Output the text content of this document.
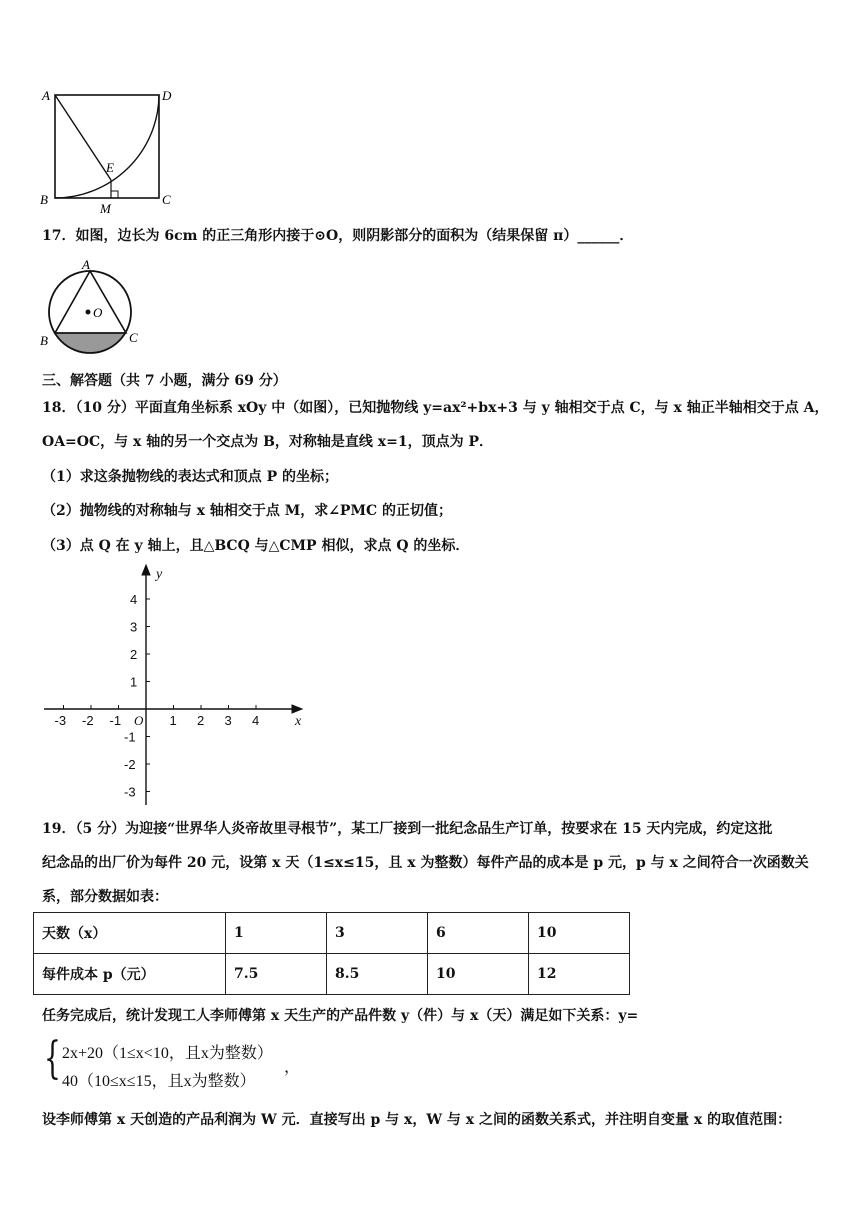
A	D
E
B
M
C
17．如图，边长为 6cm 的正三角形内接于⊙O，则阴影部分的面积为（结果保留 π）______．
A
O
B	C
三、解答题（共 7 小题，满分 69 分）
18．（10 分）平面直角坐标系 xOy 中（如图），已知抛物线 y=ax²+bx+3 与 y 轴相交于点 C，与 x 轴正半轴相交于点 A，
OA=OC，与 x 轴的另一个交点为 B，对称轴是直线 x=1，顶点为 P．
（1）求这条抛物线的表达式和顶点 P 的坐标；
（2）抛物线的对称轴与 x 轴相交于点 M，求∠PMC 的正切值；
（3）点 Q 在 y 轴上，且△BCQ 与△CMP 相似，求点 Q 的坐标．
-3 -2 -1	1 2 3 4
4
3
2
1
-1
-2
-3
x
y
O
19．（5 分）为迎接“世界华人炎帝故里寻根节”，某工厂接到一批纪念品生产订单，按要求在 15 天内完成，约定这批
纪念品的出厂价为每件 20 元，设第 x 天（1≤x≤15，且 x 为整数）每件产品的成本是 p 元，p 与 x 之间符合一次函数关
系，部分数据如表：
天数（x）	1	3	6	10
每件成本 p（元）	7.5	8.5	10	12
任务完成后，统计发现工人李师傅第 x 天生产的产品件数 y（件）与 x（天）满足如下关系：y=
{ 2x+20（1≤x<10，且x为整数）
40（10≤x≤15，且x为整数）
，
设李师傅第 x 天创造的产品利润为 W 元．直接写出 p 与 x，W 与 x 之间的函数关系式，并注明自变量 x 的取值范围：
